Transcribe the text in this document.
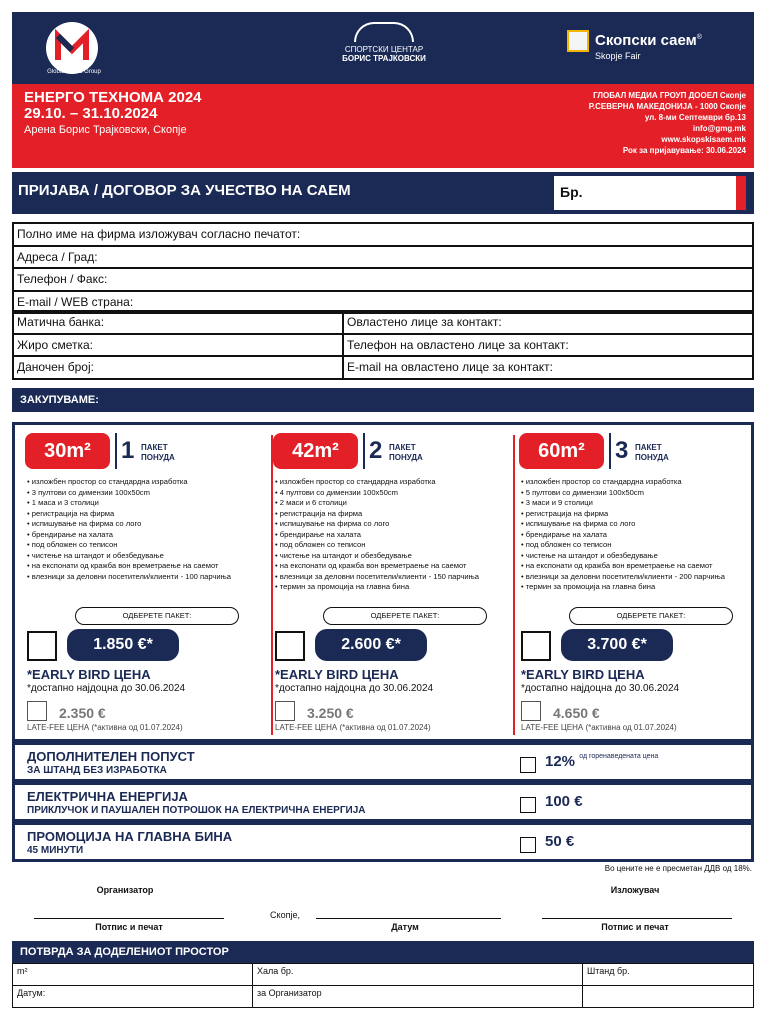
Global Media Group
СПОРТСКИ ЦЕНТАР
БОРИС ТРАЈКОВСКИ
Скопски саем®
Skopje Fair
ЕНЕРГО ТЕХНОМА 2024
29.10. – 31.10.2024
Арена Борис Трајковски, Скопје
ГЛОБАЛ МЕДИА ГРОУП ДООЕЛ Скопје
Р.СЕВЕРНА МАКЕДОНИЈА - 1000 Скопје
ул. 8-ми Септември бр.13
info@gmg.mk
www.skopskisaem.mk
Рок за пријавување: 30.06.2024
ПРИЈАВА / ДОГОВОР ЗА УЧЕСТВО НА САЕМ	Бр.
Полно име на фирма изложувач согласно печатот:
Адреса / Град:
Телефон / Факс:
E-mail / WEB страна:
Матична банка:	Овластено лице за контакт:
Жиро сметка:	Телефон на овластено лице за контакт:
Даночен број:	E-mail на овластено лице за контакт:
ЗАКУПУВАМЕ:
30m²	1 ПАКЕТ
ПОНУДА
• изложбен простор со стандардна изработка
• 3 пултови со димензии 100x50cm
• 1 маса и 3 столици
• регистрација на фирма
• испишување на фирма со лого
• брендирање на халата
• под обложен со теписон
• чистење на штандот и обезбедување
• на експонати од кражба вон времетраење на саемот
• влезници за деловни посетители/клиенти - 100 парчиња
ОДБЕРЕТЕ ПАКЕТ:
1.850 €*
*EARLY BIRD ЦЕНА
*достапно најдоцна до 30.06.2024
2.350 €
LATE-FEE ЦЕНА (*активна од 01.07.2024)
42m²	2 ПАКЕТ
ПОНУДА
• изложбен простор со стандардна изработка
• 4 пултови со димензии 100x50cm
• 2 маси и 6 столици
• регистрација на фирма
• испишување на фирма со лого
• брендирање на халата
• под обложен со теписон
• чистење на штандот и обезбедување
• на експонати од кражба вон времетраење на саемот
• влезници за деловни посетители/клиенти - 150 парчиња
• термин за промоција на главна бина
ОДБЕРЕТЕ ПАКЕТ:
2.600 €*
*EARLY BIRD ЦЕНА
*достапно најдоцна до 30.06.2024
3.250 €
LATE-FEE ЦЕНА (*активна од 01.07.2024)
60m²	3 ПАКЕТ
ПОНУДА
• изложбен простор со стандардна изработка
• 5 пултови со димензии 100x50cm
• 3 маси и 9 столици
• регистрација на фирма
• испишување на фирма со лого
• брендирање на халата
• под обложен со теписон
• чистење на штандот и обезбедување
• на експонати од кражба вон времетраење на саемот
• влезници за деловни посетители/клиенти - 200 парчиња
• термин за промоција на главна бина
ОДБЕРЕТЕ ПАКЕТ:
3.700 €*
*EARLY BIRD ЦЕНА
*достапно најдоцна до 30.06.2024
4.650 €
LATE-FEE ЦЕНА (*активна од 01.07.2024)
ДОПОЛНИТЕЛЕН ПОПУСТ
ЗА ШТАНД БЕЗ ИЗРАБОТКА
12% $^{од горенаведената цена}$
ЕЛЕКТРИЧНА ЕНЕРГИЈА
ПРИКЛУЧОК И ПАУШАЛЕН ПОТРОШОК НА ЕЛЕКТРИЧНА ЕНЕРГИЈА
100 €
ПРОМОЦИЈА НА ГЛАВНА БИНА
45 МИНУТИ
50 €
Во цените не е пресметан ДДВ од 18%.
Организатор
Потпис и печат
Скопје,
Датум
Изложувач
Потпис и печат
ПОТВРДА ЗА ДОДЕЛЕНИОТ ПРОСТОР
m²	Хала бр.	Штанд бр.
Датум:	за Организатор	
